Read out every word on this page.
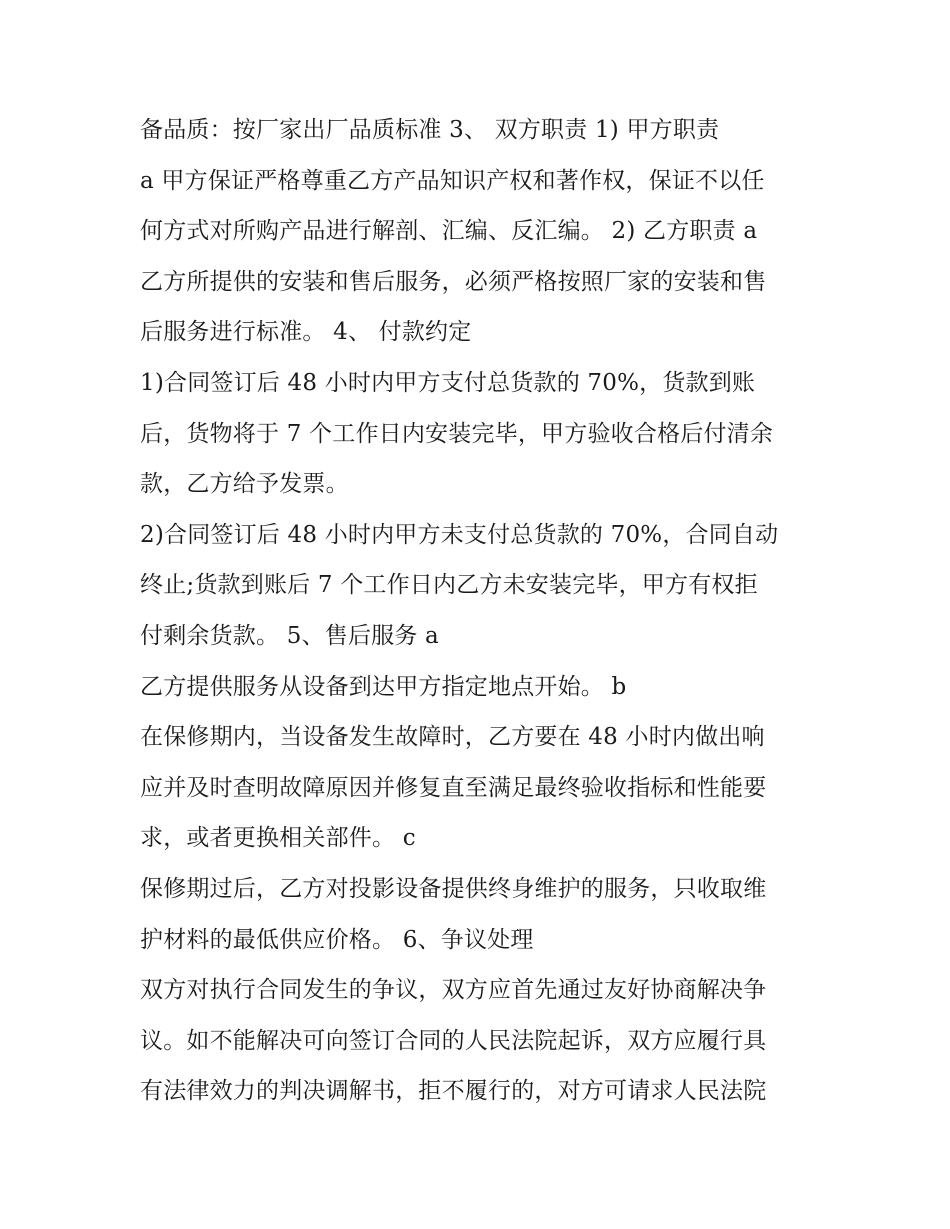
备品质：按厂家出厂品质标准 3、 双方职责 1) 甲方职责
a 甲方保证严格尊重乙方产品知识产权和著作权，保证不以任
何方式对所购产品进行解剖、汇编、反汇编。 2) 乙方职责 a
乙方所提供的安装和售后服务，必须严格按照厂家的安装和售
后服务进行标准。 4、 付款约定
1)合同签订后 48 小时内甲方支付总货款的 70%，货款到账
后，货物将于 7 个工作日内安装完毕，甲方验收合格后付清余
款，乙方给予发票。
2)合同签订后 48 小时内甲方未支付总货款的 70%，合同自动
终止;货款到账后 7 个工作日内乙方未安装完毕，甲方有权拒
付剩余货款。 5、售后服务 a
乙方提供服务从设备到达甲方指定地点开始。 b
在保修期内，当设备发生故障时，乙方要在 48 小时内做出响
应并及时查明故障原因并修复直至满足最终验收指标和性能要
求，或者更换相关部件。 c
保修期过后，乙方对投影设备提供终身维护的服务，只收取维
护材料的最低供应价格。 6、争议处理
双方对执行合同发生的争议，双方应首先通过友好协商解决争
议。如不能解决可向签订合同的人民法院起诉，双方应履行具
有法律效力的判决调解书，拒不履行的，对方可请求人民法院
